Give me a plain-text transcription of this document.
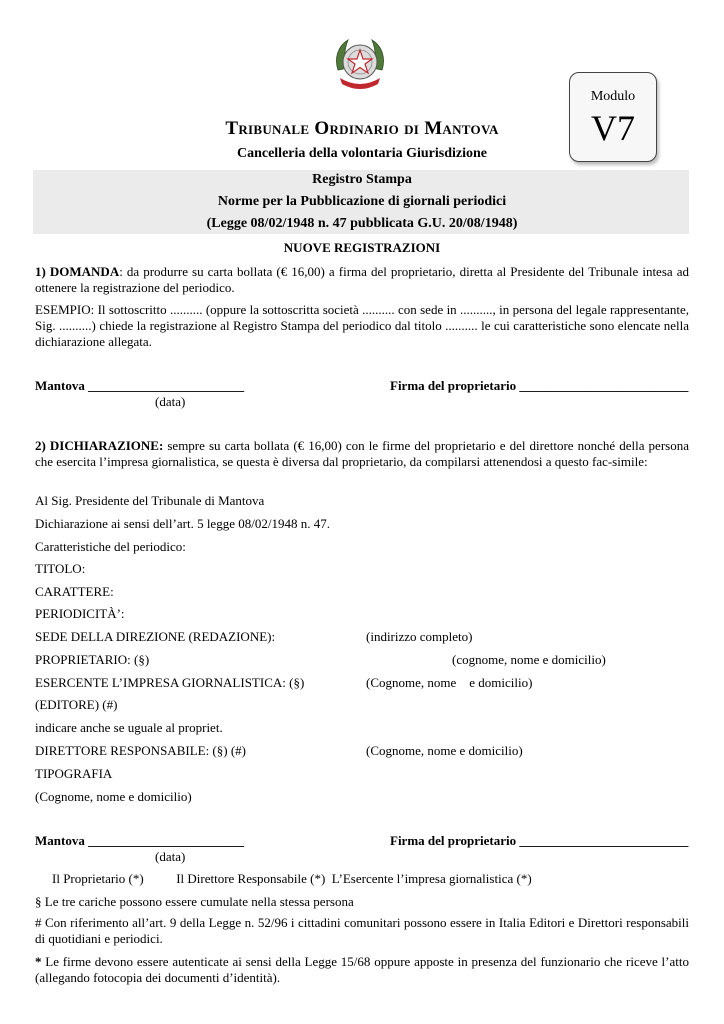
Modulo
V7
Tribunale Ordinario di Mantova
Cancelleria della volontaria Giurisdizione
Registro Stampa
Norme per la Pubblicazione di giornali periodici
(Legge 08/02/1948 n. 47 pubblicata G.U. 20/08/1948)
NUOVE REGISTRAZIONI
1) DOMANDA: da produrre su carta bollata (€ 16,00) a firma del proprietario, diretta al Presidente del Tribunale intesa ad ottenere la registrazione del periodico.
ESEMPIO: Il sottoscritto .......... (oppure la sottoscritta società .......... con sede in .........., in persona del legale rappresentante, Sig. ..........) chiede la registrazione al Registro Stampa del periodico dal titolo .......... le cui caratteristiche sono elencate nella dichiarazione allegata.
Mantova ________________________	Firma del proprietario __________________________
(data)
2) DICHIARAZIONE: sempre su carta bollata (€ 16,00) con le firme del proprietario e del direttore nonché della persona che esercita l’impresa giornalistica, se questa è diversa dal proprietario, da compilarsi attenendosi a questo fac-simile:
Al Sig. Presidente del Tribunale di Mantova
Dichiarazione ai sensi dell’art. 5 legge 08/02/1948 n. 47.
Caratteristiche del periodico:
TITOLO:
CARATTERE:
PERIODICITÀ’:
SEDE DELLA DIREZIONE (REDAZIONE):	(indirizzo completo)
PROPRIETARIO: (§)	(cognome, nome e domicilio)
ESERCENTE L’IMPRESA GIORNALISTICA: (§)	(Cognome, nome    e domicilio)
(EDITORE) (#)
indicare anche se uguale al propriet.
DIRETTORE RESPONSABILE: (§) (#)	(Cognome, nome e domicilio)
TIPOGRAFIA
(Cognome, nome e domicilio)
Mantova ________________________	Firma del proprietario __________________________
(data)
Il Proprietario (*)          Il Direttore Responsabile (*)  L’Esercente l’impresa giornalistica (*)
§ Le tre cariche possono essere cumulate nella stessa persona
# Con riferimento all’art. 9 della Legge n. 52/96 i cittadini comunitari possono essere in Italia Editori e Direttori responsabili di quotidiani e periodici.
* Le firme devono essere autenticate ai sensi della Legge 15/68 oppure apposte in presenza del funzionario che riceve l’atto (allegando fotocopia dei documenti d’identità).
